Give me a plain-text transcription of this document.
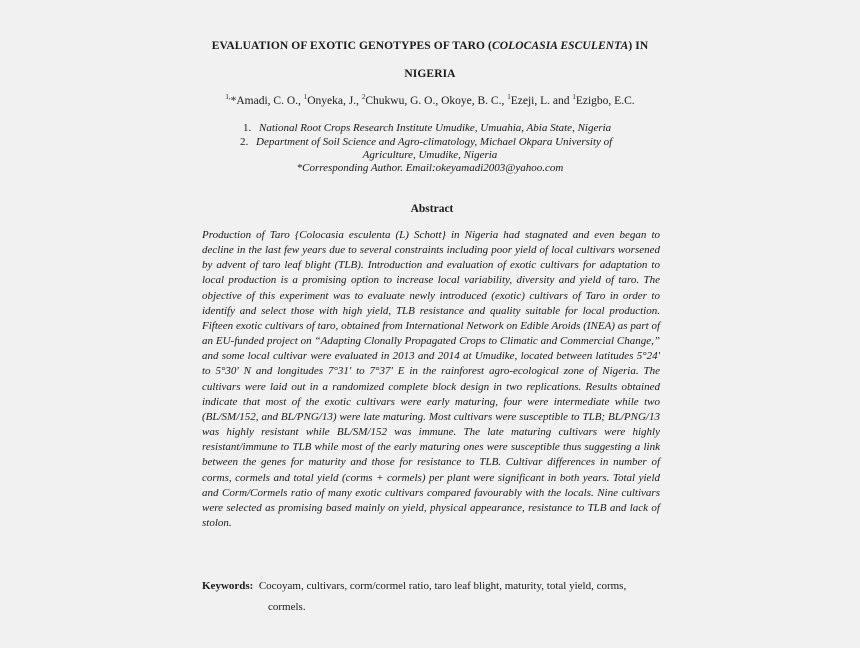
EVALUATION OF EXOTIC GENOTYPES OF TARO (COLOCASIA ESCULENTA) IN
NIGERIA
$^{1,}$*Amadi, C. O., $^1$Onyeka, J., $^2$Chukwu, G. O., Okoye, B. C., $^1$Ezeji, L. and $^1$Ezigbo, E.C.
1. National Root Crops Research Institute Umudike, Umuahia, Abia State, Nigeria
2. Department of Soil Science and Agro-climatology, Michael Okpara University of
Agriculture, Umudike, Nigeria
*Corresponding Author. Email:okeyamadi2003@yahoo.com
Abstract
Production of Taro {Colocasia esculenta (L) Schott} in Nigeria had stagnated and even began to decline in the last few years due to several constraints including poor yield of local cultivars worsened by advent of taro leaf blight (TLB). Introduction and evaluation of exotic cultivars for adaptation to local production is a promising option to increase local variability, diversity and yield of taro. The objective of this experiment was to evaluate newly introduced (exotic) cultivars of Taro in order to identify and select those with high yield, TLB resistance and quality suitable for local production. Fifteen exotic cultivars of taro, obtained from International Network on Edible Aroids (INEA) as part of an EU-funded project on “Adapting Clonally Propagated Crops to Climatic and Commercial Change,” and some local cultivar were evaluated in 2013 and 2014 at Umudike, located between latitudes 5°24' to 5°30' N and longitudes 7°31' to 7°37' E in the rainforest agro-ecological zone of Nigeria. The cultivars were laid out in a randomized complete block design in two replications. Results obtained indicate that most of the exotic cultivars were early maturing, four were intermediate while two (BL/SM/152, and BL/PNG/13) were late maturing. Most cultivars were susceptible to TLB; BL/PNG/13 was highly resistant while BL/SM/152 was immune. The late maturing cultivars were highly resistant/immune to TLB while most of the early maturing ones were susceptible thus suggesting a link between the genes for maturity and those for resistance to TLB. Cultivar differences in number of corms, cormels and total yield (corms + cormels) per plant were significant in both years. Total yield and Corm/Cormels ratio of many exotic cultivars compared favourably with the locals. Nine cultivars were selected as promising based mainly on yield, physical appearance, resistance to TLB and lack of stolon.
Keywords: Cocoyam, cultivars, corm/cormel ratio, taro leaf blight, maturity, total yield, corms,
cormels.
